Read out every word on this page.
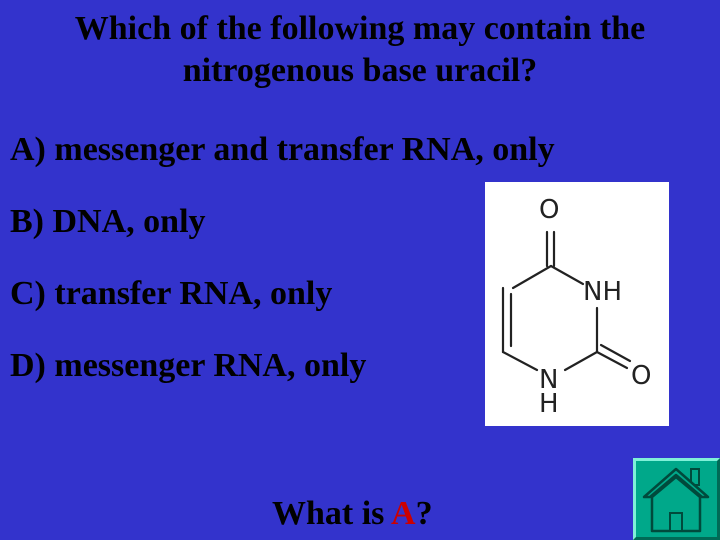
Which of the following may contain the
nitrogenous base uracil?
A) messenger and transfer RNA, only
B) DNA, only
C) transfer RNA, only
D) messenger RNA, only
O
NH
N
H
O
What is A?
